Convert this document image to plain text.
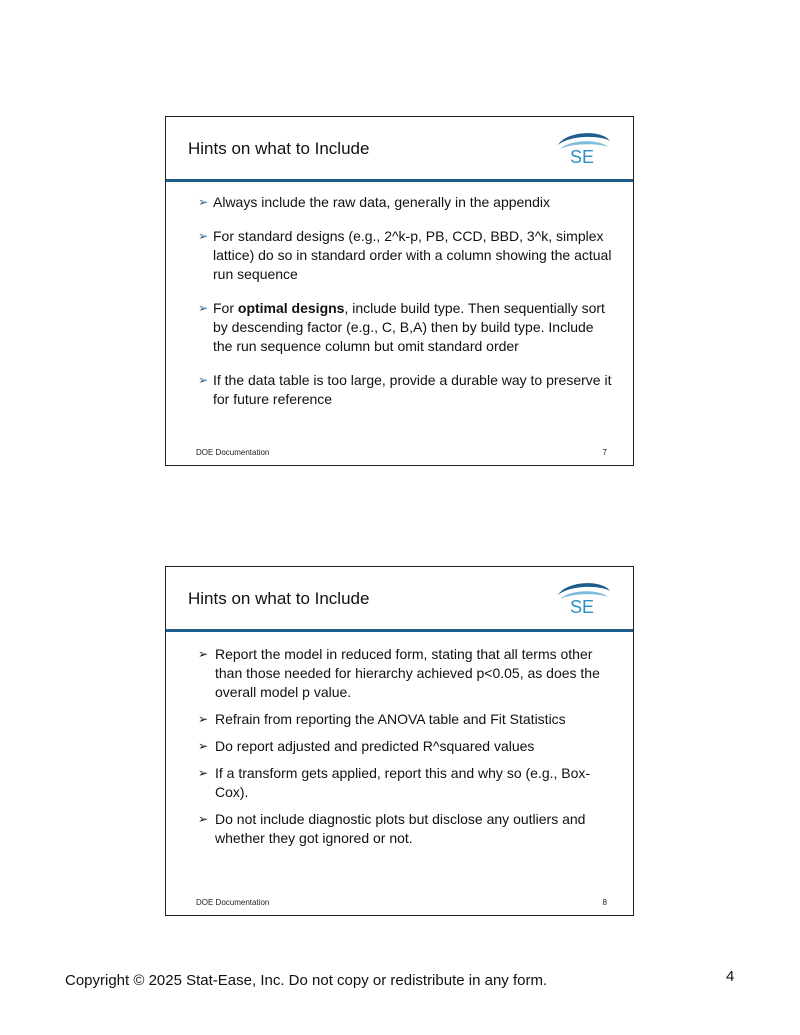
Hints on what to Include	SE
➢ Always include the raw data, generally in the appendix
➢ For standard designs (e.g., 2^k-p, PB, CCD, BBD, 3^k, simplex lattice) do so in standard order with a column showing the actual run sequence
➢ For optimal designs, include build type. Then sequentially sort by descending factor (e.g., C, B,A) then by build type. Include the run sequence column but omit standard order
➢ If the data table is too large, provide a durable way to preserve it for future reference
DOE Documentation	7
Hints on what to Include	SE
➢ Report the model in reduced form, stating that all terms other than those needed for hierarchy achieved p<0.05, as does the overall model p value.
➢ Refrain from reporting the ANOVA table and Fit Statistics
➢ Do report adjusted and predicted R^squared values
➢ If a transform gets applied, report this and why so (e.g., Box-Cox).
➢ Do not include diagnostic plots but disclose any outliers and whether they got ignored or not.
DOE Documentation	8
Copyright © 2025 Stat-Ease, Inc. Do not copy or redistribute in any form.	4
